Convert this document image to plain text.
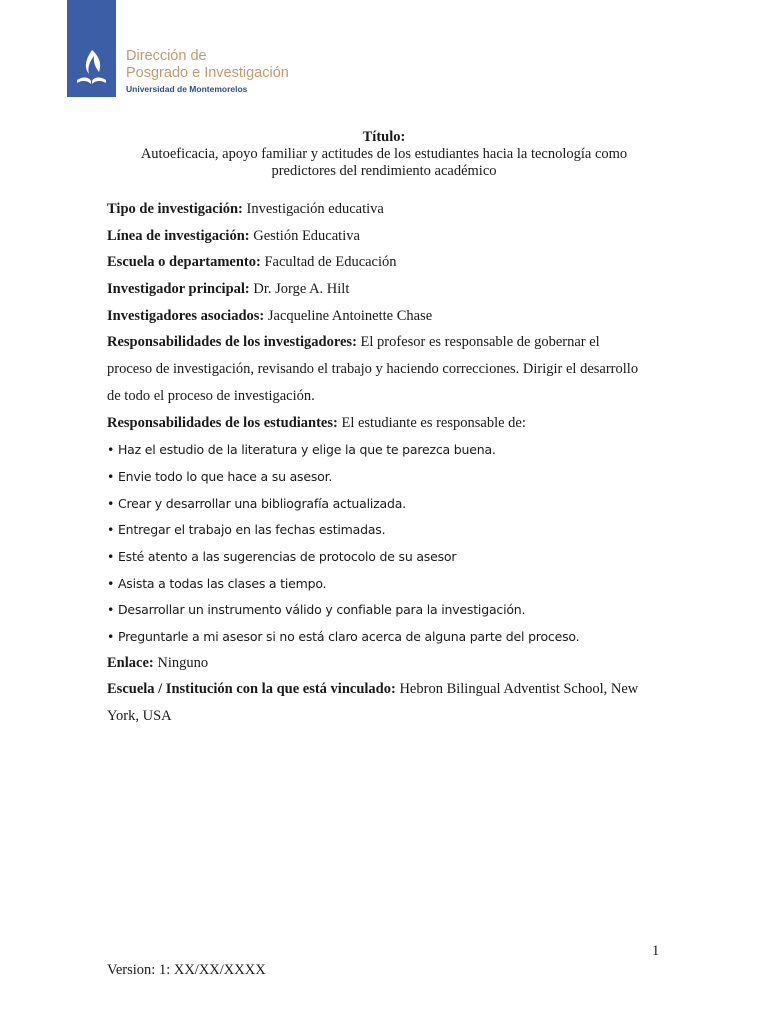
Dirección de
Posgrado e Investigación
Universidad de Montemorelos
Título:
Autoeficacia, apoyo familiar y actitudes de los estudiantes hacia la tecnología como
predictores del rendimiento académico
Tipo de investigación: Investigación educativa
Línea de investigación: Gestión Educativa
Escuela o departamento: Facultad de Educación
Investigador principal: Dr. Jorge A. Hilt
Investigadores asociados: Jacqueline Antoinette Chase
Responsabilidades de los investigadores: El profesor es responsable de gobernar el
proceso de investigación, revisando el trabajo y haciendo correcciones. Dirigir el desarrollo
de todo el proceso de investigación.
Responsabilidades de los estudiantes: El estudiante es responsable de:
• Haz el estudio de la literatura y elige la que te parezca buena.
• Envie todo lo que hace a su asesor.
• Crear y desarrollar una bibliografía actualizada.
• Entregar el trabajo en las fechas estimadas.
• Esté atento a las sugerencias de protocolo de su asesor
• Asista a todas las clases a tiempo.
• Desarrollar un instrumento válido y confiable para la investigación.
• Preguntarle a mi asesor si no está claro acerca de alguna parte del proceso.
Enlace: Ninguno
Escuela / Institución con la que está vinculado: Hebron Bilingual Adventist School, New
York, USA
1
Version: 1: XX/XX/XXXX
